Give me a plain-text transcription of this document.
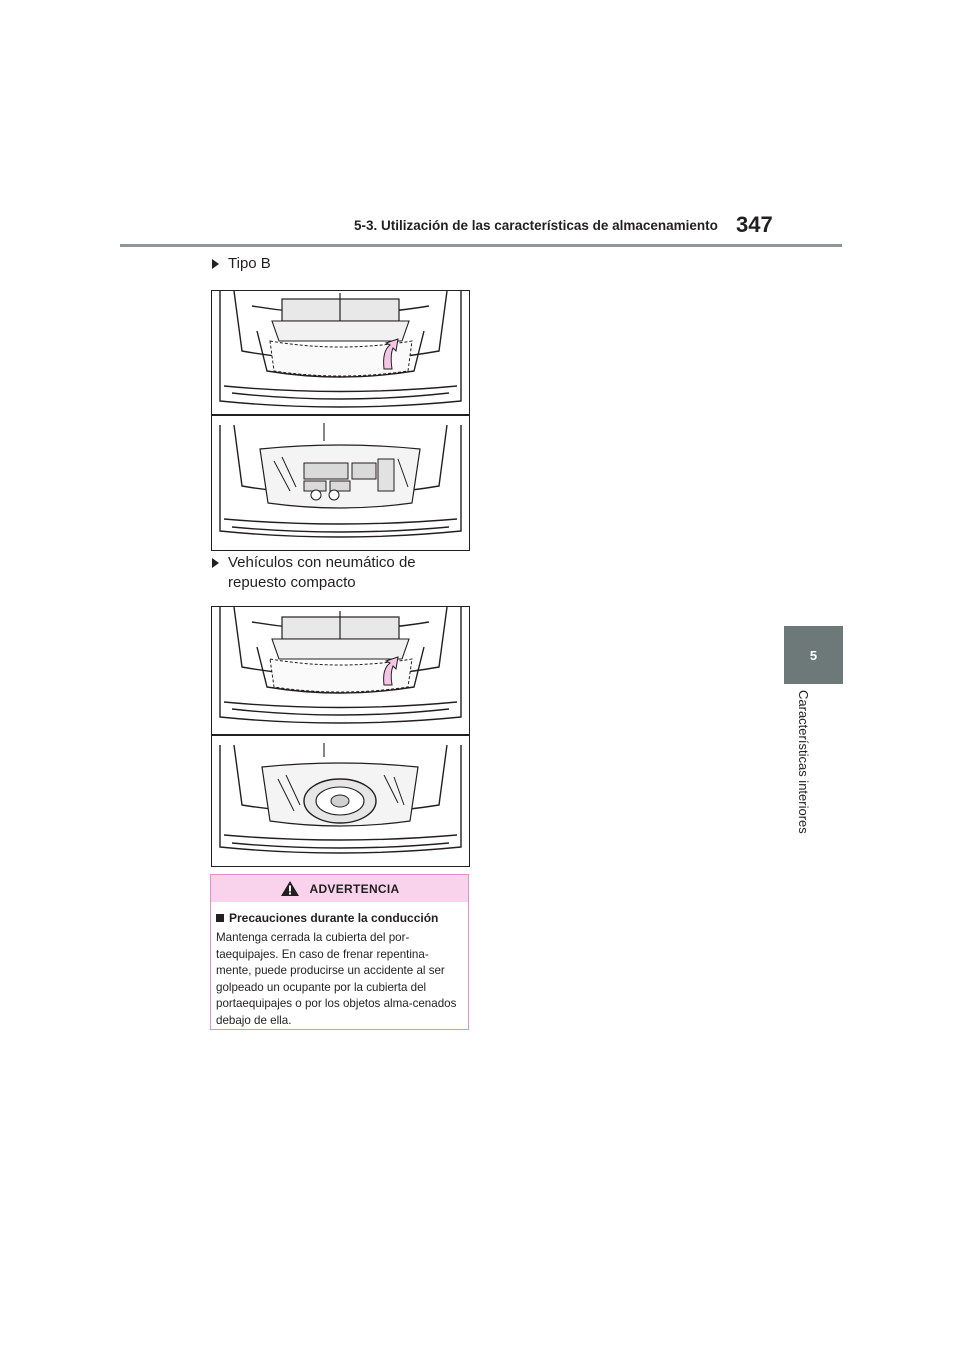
5-3. Utilización de las características de almacenamiento 347
5
Características interiores
Tipo B
Vehículos con neumático de repuesto compacto
ADVERTENCIA
Precauciones durante la conducción
Mantenga cerrada la cubierta del por-taequipajes. En caso de frenar repentina-mente, puede producirse un accidente al ser golpeado un ocupante por la cubierta del portaequipajes o por los objetos alma-cenados debajo de ella.
